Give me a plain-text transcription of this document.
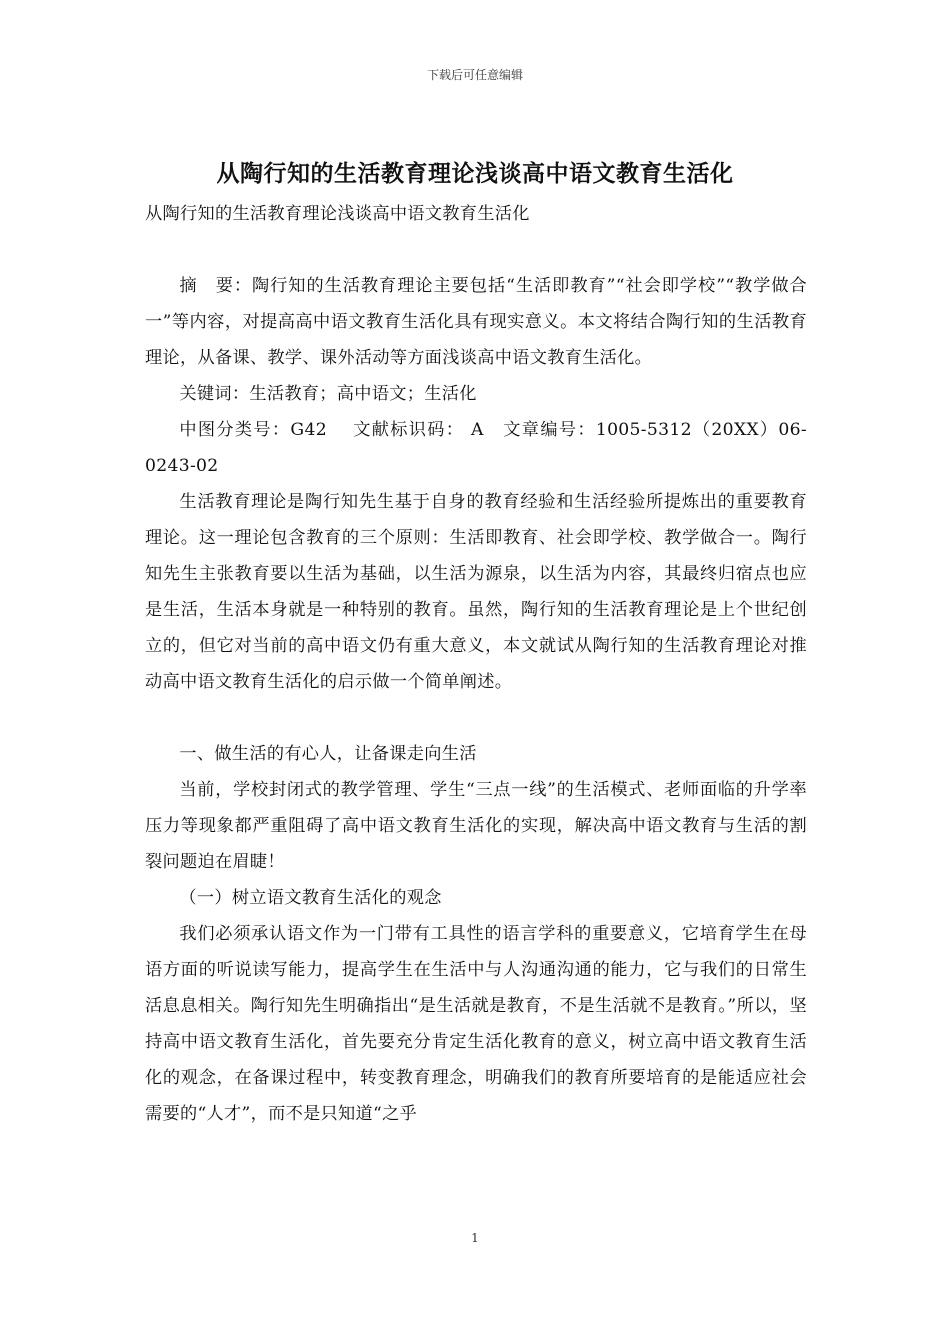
下载后可任意编辑
从陶行知的生活教育理论浅谈高中语文教育生活化

从陶行知的生活教育理论浅谈高中语文教育生活化

摘　要：陶行知的生活教育理论主要包括“生活即教育”“社会即学校”“教学做合一”等内容，对提高高中语文教育生活化具有现实意义。本文将结合陶行知的生活教育理论，从备课、教学、课外活动等方面浅谈高中语文教育生活化。

关键词：生活教育；高中语文；生活化

中图分类号：G42　 文献标识码： A　文章编号：1005-5312（20XX）06-0243-02

生活教育理论是陶行知先生基于自身的教育经验和生活经验所提炼出的重要教育理论。这一理论包含教育的三个原则：生活即教育、社会即学校、教学做合一。陶行知先生主张教育要以生活为基础，以生活为源泉，以生活为内容，其最终归宿点也应是生活，生活本身就是一种特别的教育。虽然，陶行知的生活教育理论是上个世纪创立的，但它对当前的高中语文仍有重大意义，本文就试从陶行知的生活教育理论对推动高中语文教育生活化的启示做一个简单阐述。

一、做生活的有心人，让备课走向生活

当前，学校封闭式的教学管理、学生“三点一线”的生活模式、老师面临的升学率压力等现象都严重阻碍了高中语文教育生活化的实现，解决高中语文教育与生活的割裂问题迫在眉睫！

（一）树立语文教育生活化的观念

我们必须承认语文作为一门带有工具性的语言学科的重要意义，它培育学生在母语方面的听说读写能力，提高学生在生活中与人沟通沟通的能力，它与我们的日常生活息息相关。陶行知先生明确指出“是生活就是教育，不是生活就不是教育。”所以，坚持高中语文教育生活化，首先要充分肯定生活化教育的意义，树立高中语文教育生活化的观念，在备课过程中，转变教育理念，明确我们的教育所要培育的是能适应社会需要的“人才”，而不是只知道“之乎

1
